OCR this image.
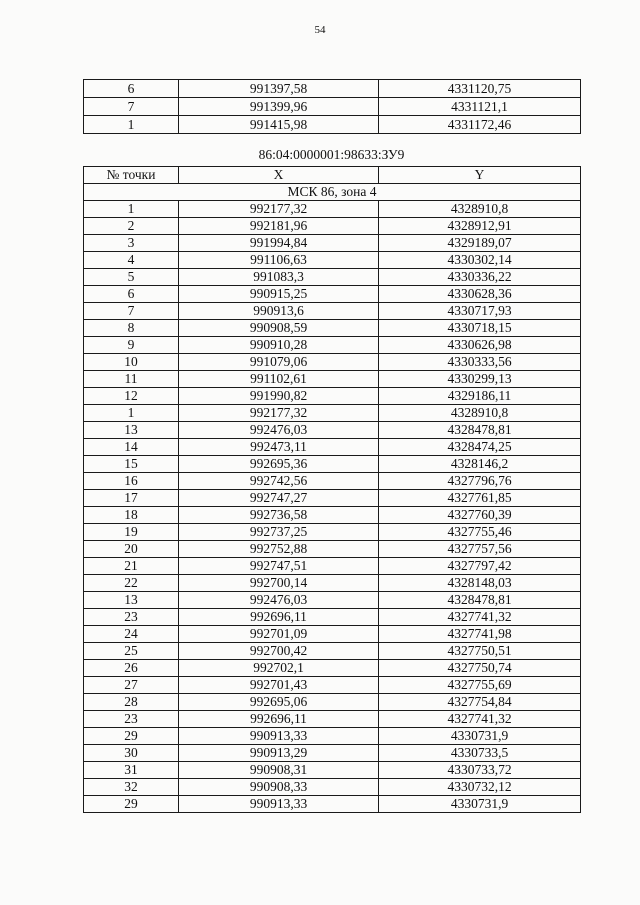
54
6	991397,58	4331120,75
7	991399,96	4331121,1
1	991415,98	4331172,46
86:04:0000001:98633:ЗУ9
№ точки	X	Y
МСК 86, зона 4		
1	992177,32	4328910,8
2	992181,96	4328912,91
3	991994,84	4329189,07
4	991106,63	4330302,14
5	991083,3	4330336,22
6	990915,25	4330628,36
7	990913,6	4330717,93
8	990908,59	4330718,15
9	990910,28	4330626,98
10	991079,06	4330333,56
11	991102,61	4330299,13
12	991990,82	4329186,11
1	992177,32	4328910,8
13	992476,03	4328478,81
14	992473,11	4328474,25
15	992695,36	4328146,2
16	992742,56	4327796,76
17	992747,27	4327761,85
18	992736,58	4327760,39
19	992737,25	4327755,46
20	992752,88	4327757,56
21	992747,51	4327797,42
22	992700,14	4328148,03
13	992476,03	4328478,81
23	992696,11	4327741,32
24	992701,09	4327741,98
25	992700,42	4327750,51
26	992702,1	4327750,74
27	992701,43	4327755,69
28	992695,06	4327754,84
23	992696,11	4327741,32
29	990913,33	4330731,9
30	990913,29	4330733,5
31	990908,31	4330733,72
32	990908,33	4330732,12
29	990913,33	4330731,9
